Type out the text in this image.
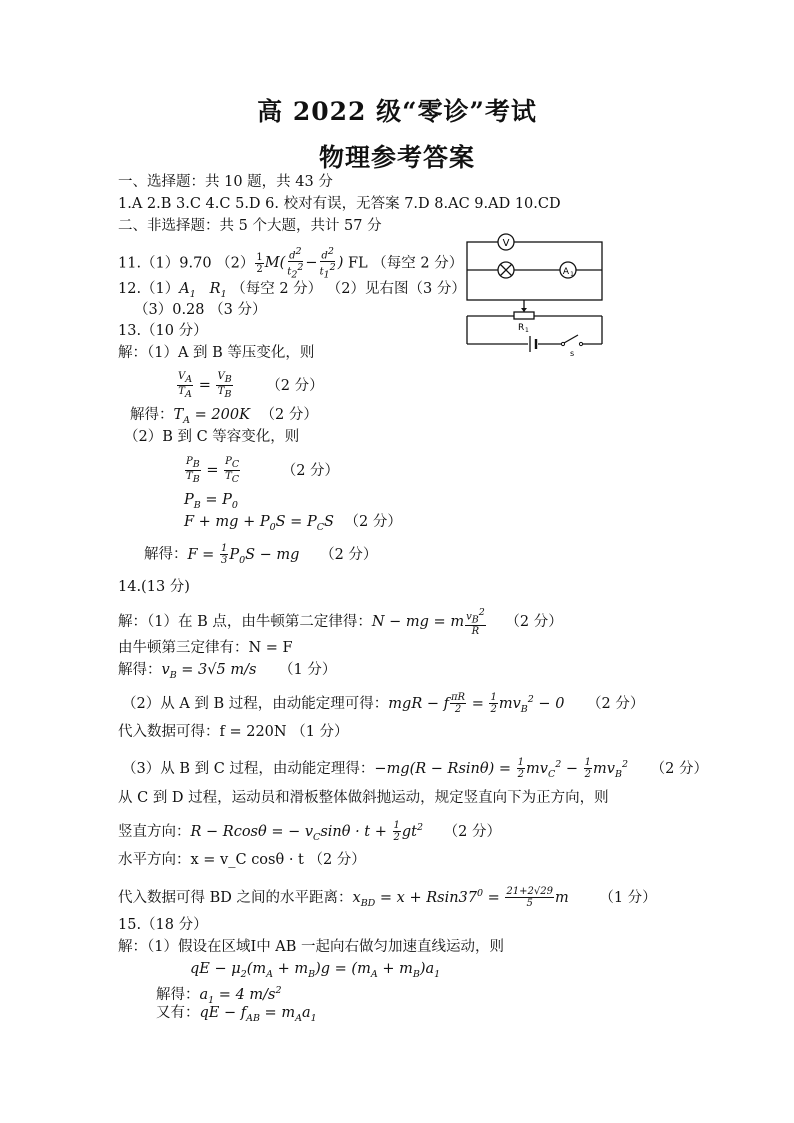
高 2022 级“零诊”考试
物理参考答案
一、选择题：共 10 题，共 43 分
1.A 2.B 3.C 4.C 5.D 6. 校对有误，无答案 7.D 8.AC 9.AD 10.CD
二、非选择题：共 5 个大题，共计 57 分
11.（1）9.70 $(2) \frac{1}{2} M( \frac{d^2}{t_2^2} - \frac{d^2}{t_1^2}$ ) FL （每空 2 分）
$12.(1)A_1$   $R_1$ （每空 2 分） （2）见右图（3 分）
（3）0.28 （3 分）
V
A 1
R 1
s
13.（10 分）
解：（1）A 到 B 等压变化，则
$\frac{V_A}{T_A} = \frac{V_B}{T_B} (2$ 分）
解得：$T_A = 200K$ （2 分）
（2）B 到 C 等容变化，则
$\frac{P_B}{T_B} = \frac{P_C}{T_C}$	（2 分）
$P_B = P_0$
F + mg + $P_0S = P_CS$ （2 分）
解得：$F = \frac{1}{3} P_0S$ − mg （2 分）
14.(13 分)
解：（1）在 B 点，由牛顿第二定律得：N − mg = m $\frac{v_B^2}{R} (2$ 分）
由牛顿第三定律有：N = F
解得：$v_B = 3√5$ m/s （1 分）
（2）从 A 到 B 过程，由动能定理可得：mgR − f $\frac{\pi R}{2} = \frac{1}{2} mv_B^2 - 0$ （2 分）
代入数据可得：f = 220N （1 分）
（3）从 B 到 C 过程，由动能定理得：$-mg(R - Rsin\theta) = \frac{1}{2} mv_C^2 - \frac{1}{2} mv_B^2$ （2 分）
从 C 到 D 过程，运动员和滑板整体做斜抛运动，规定竖直向下为正方向，则
竖直方向：R − Rcosθ = − $v_C\sin\theta \cdot t + \frac{1}{2} gt^2$ （2 分）
水平方向：x = v_C cosθ · t （2 分）
代入数据可得 BD 之间的水平距离：$x_{BD} = x + Rsin37^0 = \frac{21+2√29}{5}$ m （1 分）
15.（18 分）
解：（1）假设在区域Ⅰ中 AB 一起向右做匀加速直线运动，则
qE − $\mu_2(m_A + m_B)g = (m_A + m_B)a_1$
解得：$a_1 = 4$ $m/s^2$
又有：qE − $f_{AB} = m_Aa_1$
